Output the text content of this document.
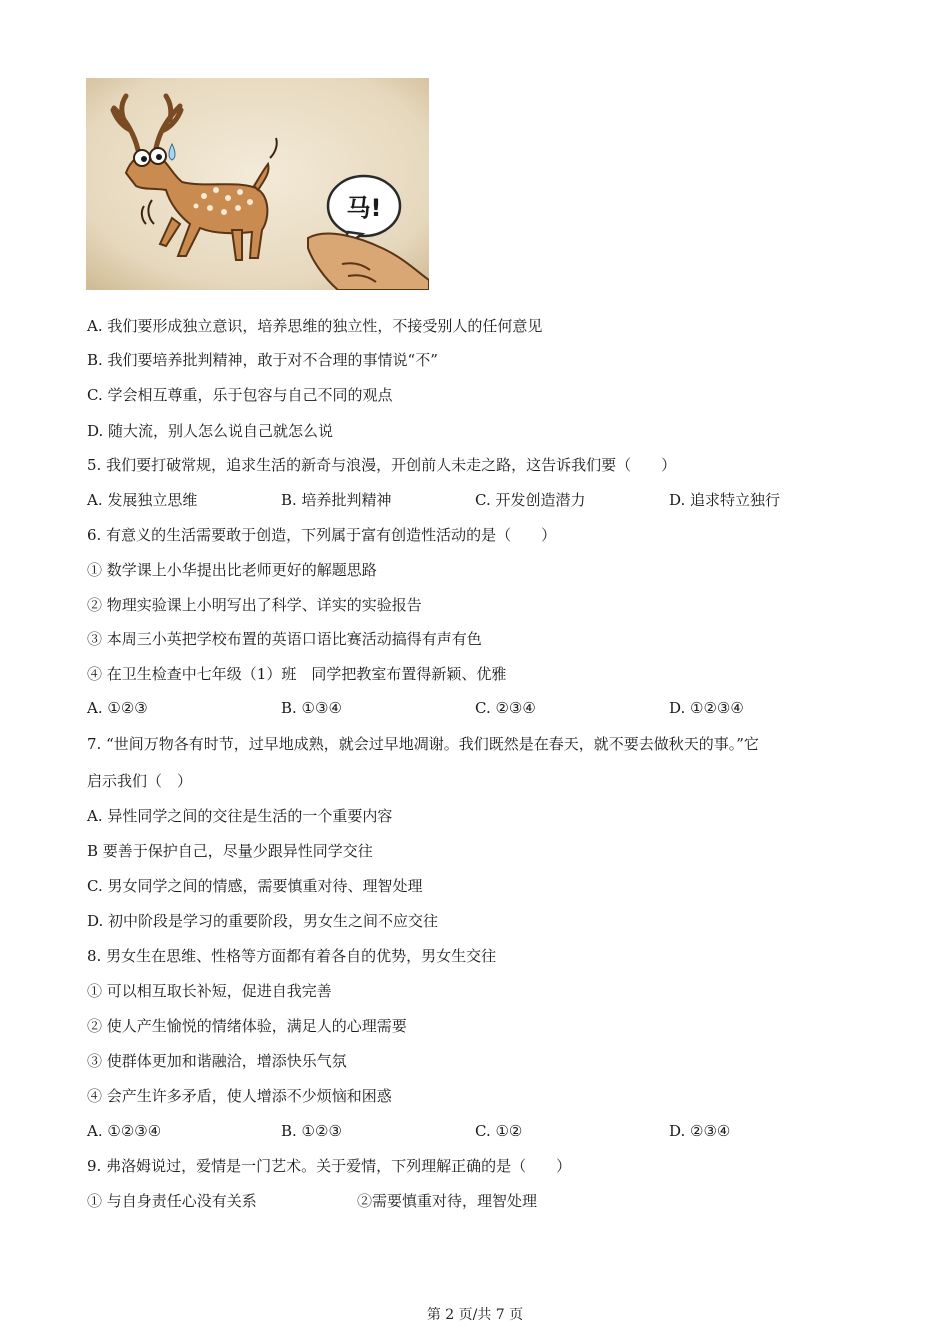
马!
A. 我们要形成独立意识，培养思维的独立性，不接受别人的任何意见
B. 我们要培养批判精神，敢于对不合理的事情说“不”
C. 学会相互尊重，乐于包容与自己不同的观点
D. 随大流，别人怎么说自己就怎么说
5. 我们要打破常规，追求生活的新奇与浪漫，开创前人未走之路，这告诉我们要（　　）
A. 发展独立思维	B. 培养批判精神	C. 开发创造潜力	D. 追求特立独行
6. 有意义的生活需要敢于创造，下列属于富有创造性活动的是（　　）
① 数学课上小华提出比老师更好的解题思路
② 物理实验课上小明写出了科学、详实的实验报告
③ 本周三小英把学校布置的英语口语比赛活动搞得有声有色
④ 在卫生检查中七年级（1）班　同学把教室布置得新颖、优雅
A. ①②③	B. ①③④	C. ②③④	D. ①②③④
7. “世间万物各有时节，过早地成熟，就会过早地凋谢。我们既然是在春天，就不要去做秋天的事。”它
启示我们（　）
A. 异性同学之间的交往是生活的一个重要内容
B 要善于保护自己，尽量少跟异性同学交往
C. 男女同学之间的情感，需要慎重对待、理智处理
D. 初中阶段是学习的重要阶段，男女生之间不应交往
8. 男女生在思维、性格等方面都有着各自的优势，男女生交往
① 可以相互取长补短，促进自我完善
② 使人产生愉悦的情绪体验，满足人的心理需要
③ 使群体更加和谐融洽，增添快乐气氛
④ 会产生许多矛盾，使人增添不少烦恼和困惑
A. ①②③④	B. ①②③	C. ①②	D. ②③④
9. 弗洛姆说过，爱情是一门艺术。关于爱情，下列理解正确的是（　　）
① 与自身责任心没有关系	②需要慎重对待，理智处理
第 2 页/共 7 页
